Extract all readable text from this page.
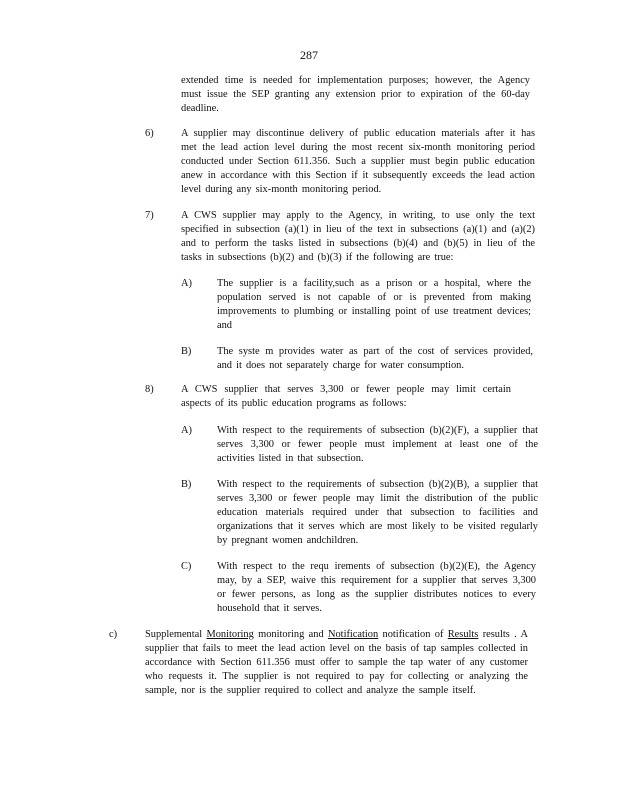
287
extended time is needed for implementation purposes; however, the Agency must issue the SEP granting any extension prior to expiration of the 60-day deadline.
6)	A supplier may discontinue delivery of public education materials after it has met the lead action level during the most recent six-month monitoring period conducted under Section 611.356. Such a supplier must begin public education anew in accordance with this Section if it subsequently exceeds the lead action level during any six-month monitoring period.
7)	A CWS supplier may apply to the Agency, in writing, to use only the text specified in subsection (a)(1) in lieu of the text in subsections (a)(1) and (a)(2) and to perform the tasks listed in subsections (b)(4) and (b)(5) in lieu of the tasks in subsections (b)(2) and (b)(3) if the following are true:
A) The supplier is a facility,such as a prison or a hospital, where the population served is not capable of or is prevented from making improvements to plumbing or installing point of use treatment devices; and
B) The syste m provides water as part of the cost of services provided, and it does not separately charge for water consumption.
8)	A CWS supplier that serves 3,300 or fewer people may limit certain aspects of its public education programs as follows:
A) With respect to the requirements of subsection (b)(2)(F), a supplier that serves 3,300 or fewer people must implement at least one of the activities listed in that subsection.
B) With respect to the requirements of subsection (b)(2)(B), a supplier that serves 3,300 or fewer people may limit the distribution of the public education materials required under that subsection to facilities and organizations that it serves which are most likely to be visited regularly by pregnant women andchildren.
C) With respect to the requ irements of subsection (b)(2)(E), the Agency may, by a SEP, waive this requirement for a supplier that serves 3,300 or fewer persons, as long as the supplier distributes notices to every household that it serves.
c)	Supplemental Monitoring monitoring and Notification notification of Results results . A supplier that fails to meet the lead action level on the basis of tap samples collected in accordance with Section 611.356 must offer to sample the tap water of any customer who requests it. The supplier is not required to pay for collecting or analyzing the sample, nor is the supplier required to collect and analyze the sample itself.
